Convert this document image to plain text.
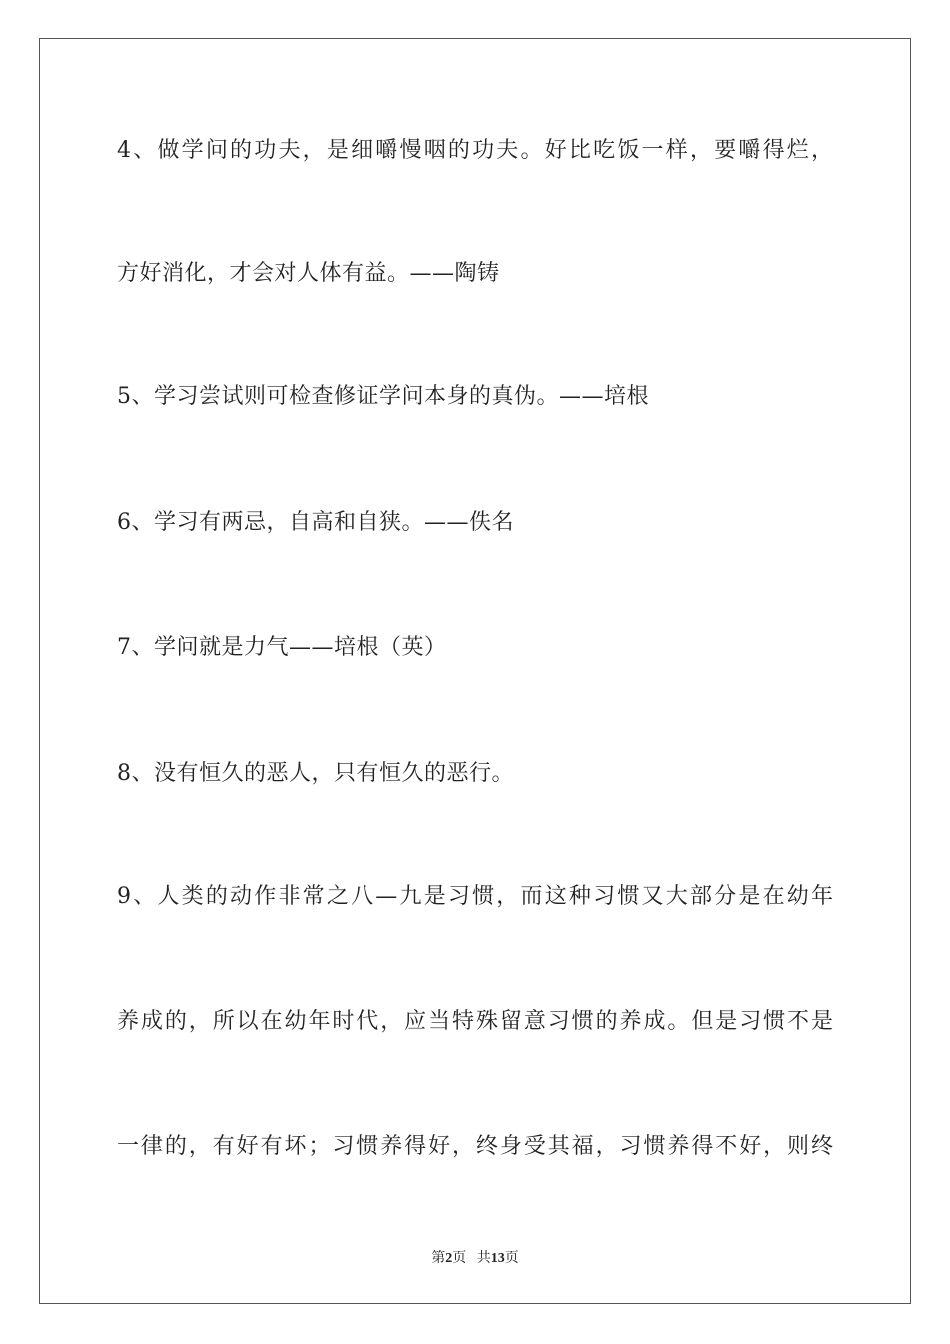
4、做学问的功夫，是细嚼慢咽的功夫。好比吃饭一样，要嚼得烂，
方好消化，才会对人体有益。——陶铸
5、学习尝试则可检查修证学问本身的真伪。——培根
6、学习有两忌，自高和自狭。——佚名
7、学问就是力气——培根（英）
8、没有恒久的恶人，只有恒久的恶行。
9、人类的动作非常之八—九是习惯，而这种习惯又大部分是在幼年
养成的，所以在幼年时代，应当特殊留意习惯的养成。但是习惯不是
一律的，有好有坏；习惯养得好，终身受其福，习惯养得不好，则终
第2页 共13页
